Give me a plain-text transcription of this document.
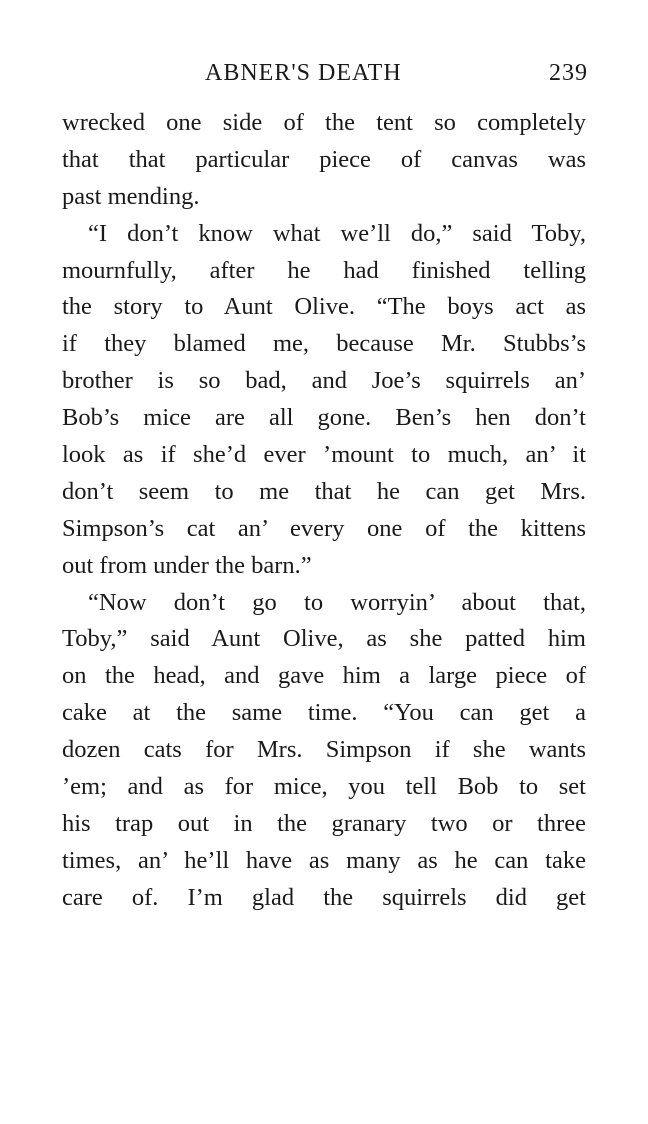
ABNER'S DEATH	239
wrecked one side of the tent so completely
that that particular piece of canvas was
past mending.
“I don’t know what we’ll do,” said Toby,
mournfully, after he had finished telling
the story to Aunt Olive. “The boys act as
if they blamed me, because Mr. Stubbs’s
brother is so bad, and Joe’s squirrels an’
Bob’s mice are all gone. Ben’s hen don’t
look as if she’d ever ’mount to much, an’ it
don’t seem to me that he can get Mrs.
Simpson’s cat an’ every one of the kittens
out from under the barn.”
“Now don’t go to worryin’ about that,
Toby,” said Aunt Olive, as she patted him
on the head, and gave him a large piece of
cake at the same time. “You can get a
dozen cats for Mrs. Simpson if she wants
’em; and as for mice, you tell Bob to set
his trap out in the granary two or three
times, an’ he’ll have as many as he can take
care of. I’m glad the squirrels did get
